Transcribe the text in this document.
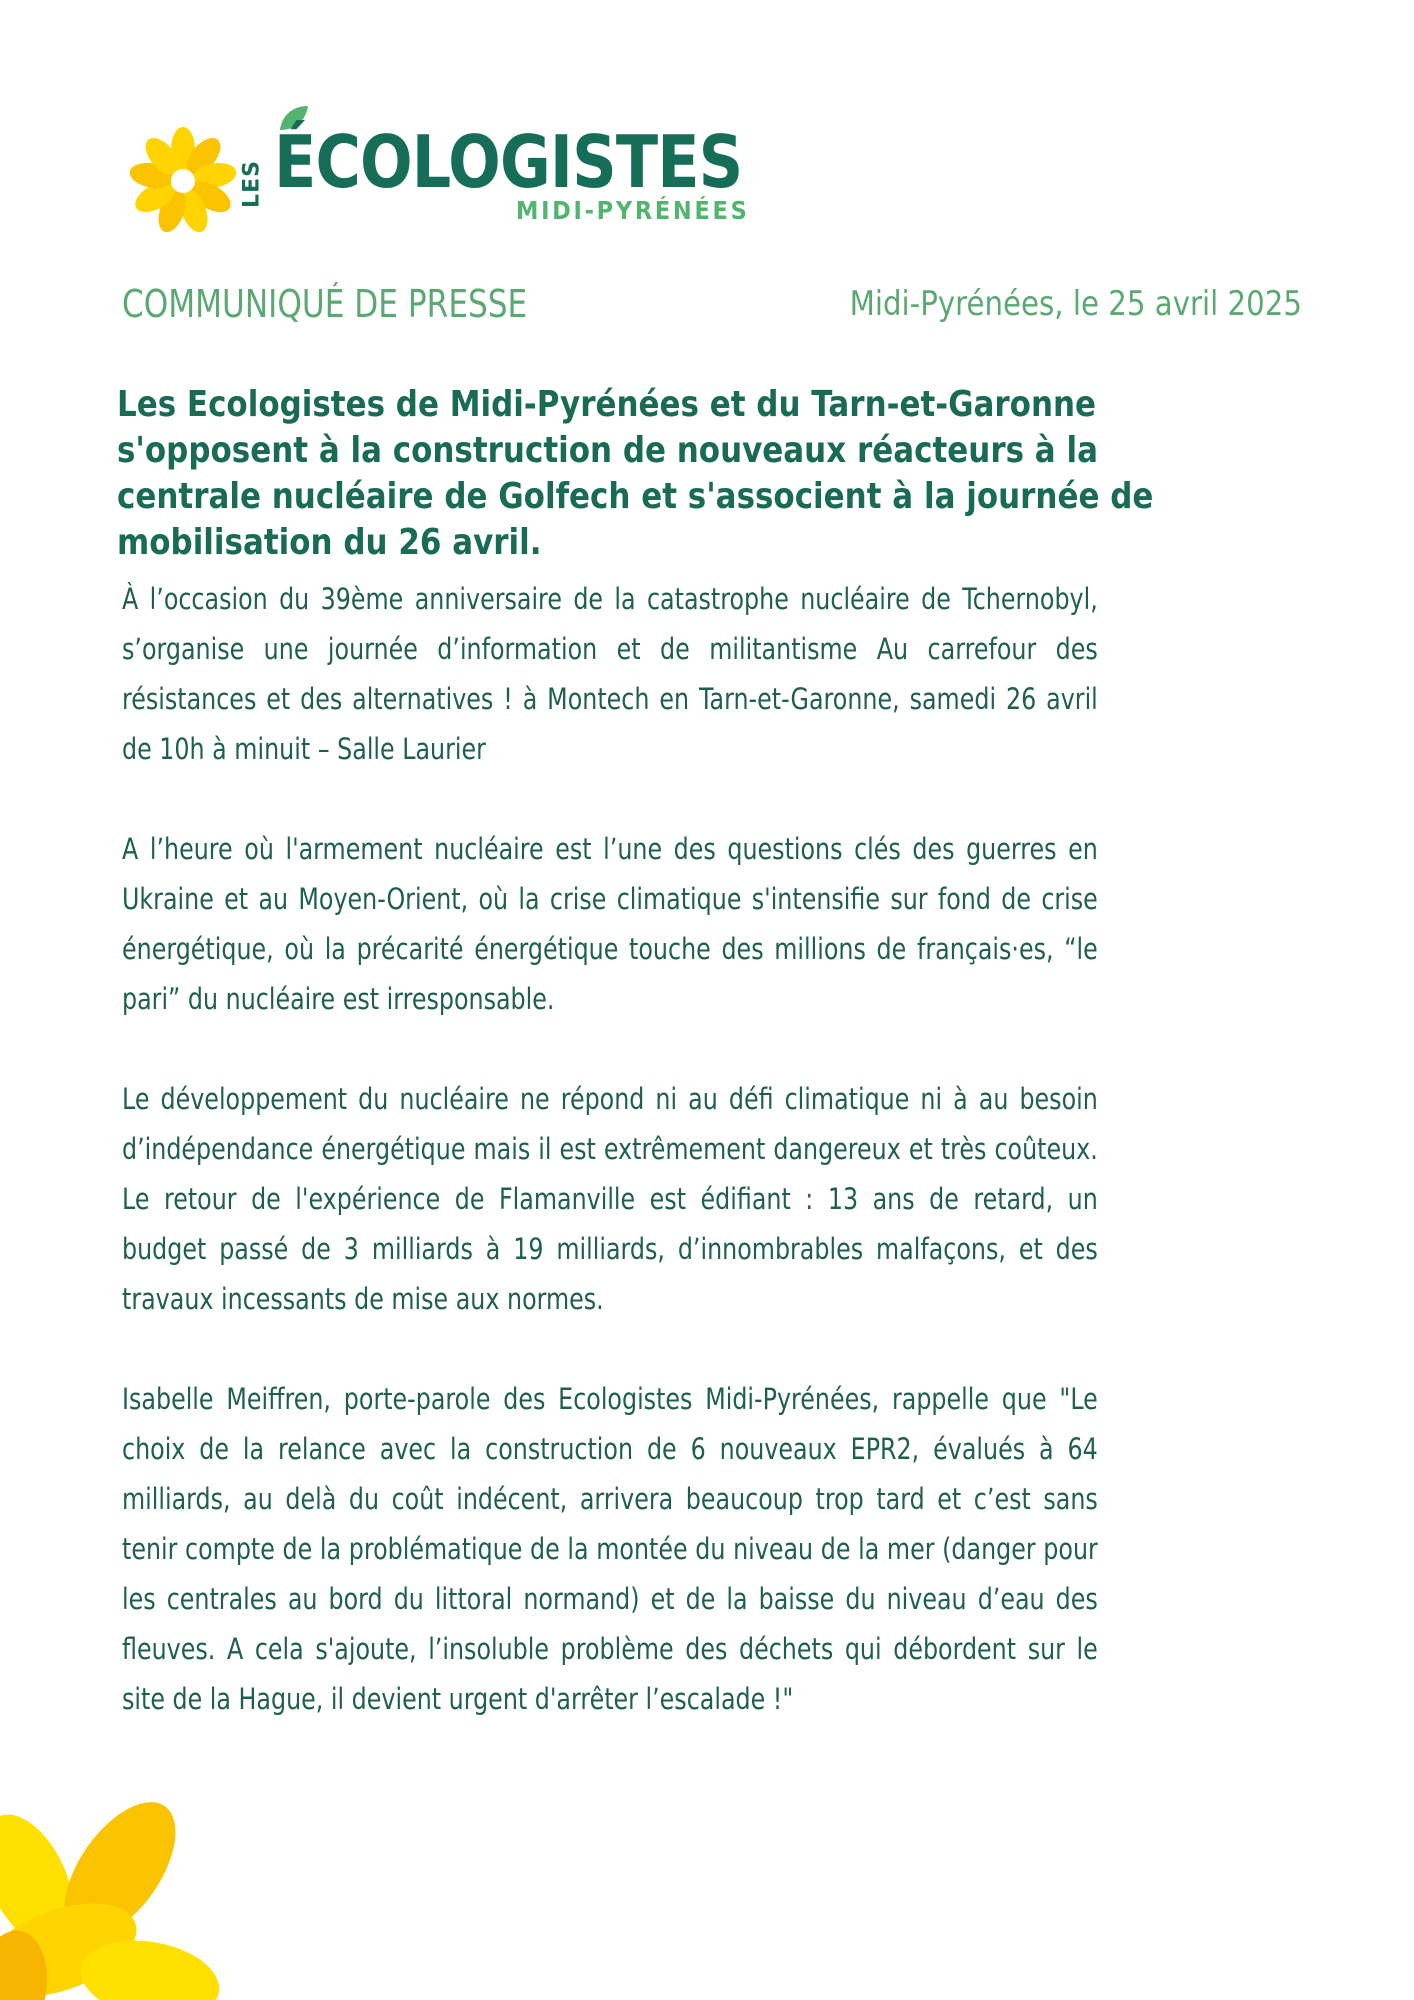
LES ÉCOLOGISTES
MIDI-PYRÉNÉES
COMMUNIQUÉ DE PRESSE	Midi-Pyrénées, le 25 avril 2025
Les Ecologistes de Midi-Pyrénées et du Tarn-et-Garonne s'opposent à la construction de nouveaux réacteurs à la centrale nucléaire de Golfech et s'associent à la journée de mobilisation du 26 avril.

À l’occasion du 39ème anniversaire de la catastrophe nucléaire de Tchernobyl, s’organise une journée d’information et de militantisme Au carrefour des résistances et des alternatives ! à Montech en Tarn-et-Garonne, samedi 26 avril de 10h à minuit – Salle Laurier

A l’heure où l'armement nucléaire est l’une des questions clés des guerres en Ukraine et au Moyen-Orient, où la crise climatique s'intensifie sur fond de crise énergétique, où la précarité énergétique touche des millions de français·es, “le pari” du nucléaire est irresponsable.

Le développement du nucléaire ne répond ni au défi climatique ni à au besoin d’indépendance énergétique mais il est extrêmement dangereux et très coûteux. Le retour de l'expérience de Flamanville est édifiant : 13 ans de retard, un budget passé de 3 milliards à 19 milliards, d’innombrables malfaçons, et des travaux incessants de mise aux normes.

Isabelle Meiffren, porte-parole des Ecologistes Midi-Pyrénées, rappelle que "Le choix de la relance avec la construction de 6 nouveaux EPR2, évalués à 64 milliards, au delà du coût indécent, arrivera beaucoup trop tard et c’est sans tenir compte de la problématique de la montée du niveau de la mer (danger pour les centrales au bord du littoral normand) et de la baisse du niveau d’eau des fleuves. A cela s'ajoute, l’insoluble problème des déchets qui débordent sur le site de la Hague, il devient urgent d'arrêter l’escalade !"
